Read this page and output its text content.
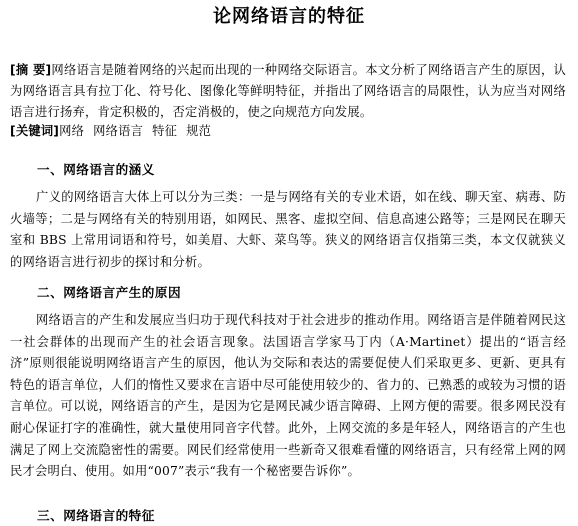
论网络语言的特征
[摘 要]网络语言是随着网络的兴起而出现的一种网络交际语言。本文分析了网络语言产生的原因，认为网络语言具有拉丁化、符号化、图像化等鲜明特征，并指出了网络语言的局限性，认为应当对网络语言进行扬弃，肯定积极的，否定消极的，使之向规范方向发展。
[关键词]网络 网络语言 特征 规范
一、网络语言的涵义
广义的网络语言大体上可以分为三类：一是与网络有关的专业术语，如在线、聊天室、病毒、防火墙等；二是与网络有关的特别用语，如网民、黑客、虚拟空间、信息高速公路等；三是网民在聊天室和 BBS 上常用词语和符号，如美眉、大虾、菜鸟等。狭义的网络语言仅指第三类，本文仅就狭义的网络语言进行初步的探讨和分析。
二、网络语言产生的原因
网络语言的产生和发展应当归功于现代科技对于社会进步的推动作用。网络语言是伴随着网民这一社会群体的出现而产生的社会语言现象。法国语言学家马丁内（A·Martinet）提出的“语言经济”原则很能说明网络语言产生的原因，他认为交际和表达的需要促使人们采取更多、更新、更具有特色的语言单位，人们的惰性又要求在言语中尽可能使用较少的、省力的、已熟悉的或较为习惯的语言单位。可以说，网络语言的产生，是因为它是网民减少语言障碍、上网方便的需要。很多网民没有耐心保证打字的准确性，就大量使用同音字代替。此外，上网交流的多是年轻人，网络语言的产生也满足了网上交流隐密性的需要。网民们经常使用一些新奇又很难看懂的网络语言，只有经常上网的网民才会明白、使用。如用“007”表示“我有一个秘密要告诉你”。
三、网络语言的特征
